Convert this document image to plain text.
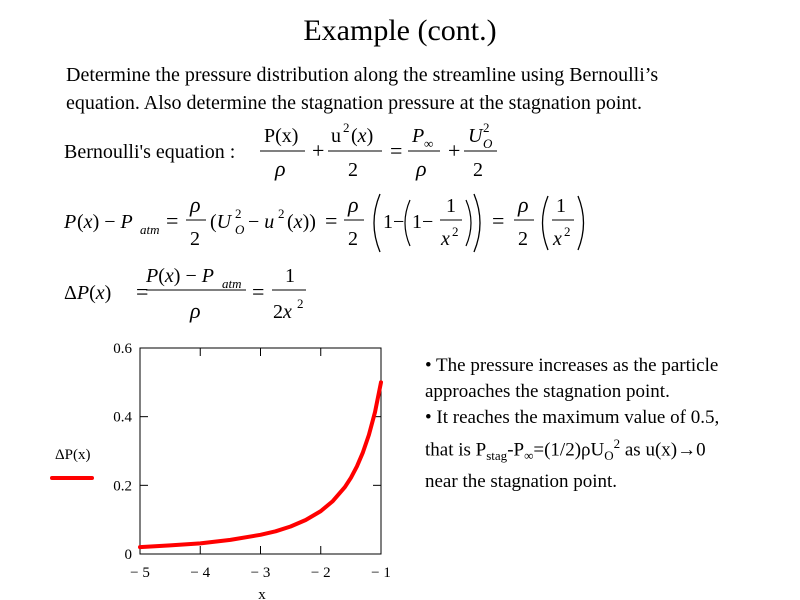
Example (cont.)
Determine the pressure distribution along the streamline using Bernoulli’s
equation. Also determine the stagnation pressure at the stagnation point.
Bernoulli's equation :
P(x)
ρ
+
u 2 (x)
2
=
P ∞
ρ
+
U 2
O
2
P (x) − P atm =
ρ
2
(U 2
O − u 2 (x)) =
ρ
2
1− 1−
1
x 2 =
ρ
2
1
x 2
ΔP(x) =
P(x) − P atm
ρ
=
1
2x 2
− 5	− 4	− 3	− 2	− 1
0
0.2
0.4
0.6
ΔP(x)
x
• The pressure increases as the particle
approaches the stagnation point.
• It reaches the maximum value of 0.5,
that is $P_{stag}-P_\infty=(1/2)\rho U_O^2$ as u(x)→0
near the stagnation point.
